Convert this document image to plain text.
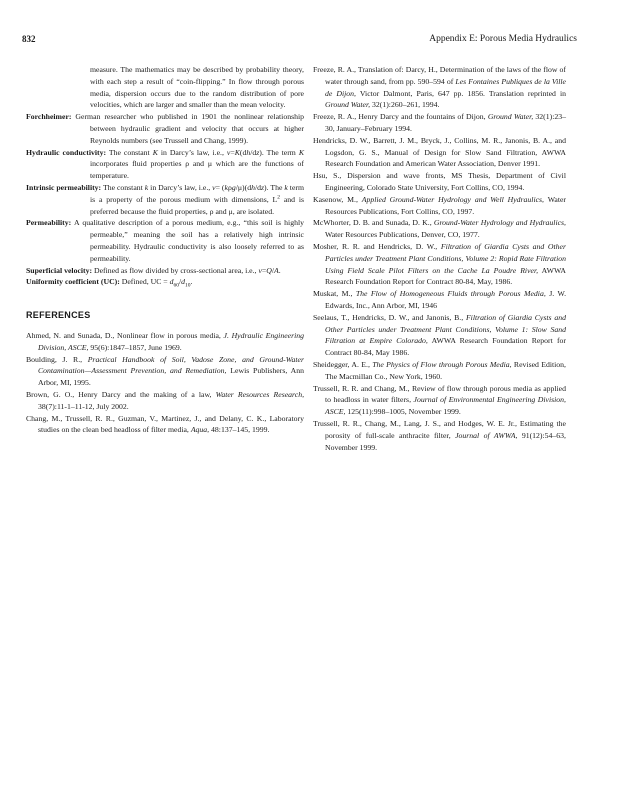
832	Appendix E: Porous Media Hydraulics

measure. The mathematics may be described by probability theory, with each step a result of “coin-flipping.” In flow through porous media, dispersion occurs due to the random distribution of pore velocities, which are larger and smaller than the mean velocity.

Forchheimer: German researcher who published in 1901 the nonlinear relationship between hydraulic gradient and velocity that occurs at higher Reynolds numbers (see Trussell and Chang, 1999).

Hydraulic conductivity: The constant K in Darcy’s law, i.e., v=K(dh/dz). The term K incorporates fluid properties ρ and μ which are the functions of temperature.

Intrinsic permeability: The constant k in Darcy’s law, i.e., v= (kρg/μ)(dh/dz). The k term is a property of the porous medium with dimensions, $L^2$ and is preferred because the fluid properties, ρ and μ, are isolated.

Permeability: A qualitative description of a porous medium, e.g., “this soil is highly permeable,” meaning the soil has a relatively high intrinsic permeability. Hydraulic conductivity is also loosely referred to as permeability.

Superficial velocity: Defined as flow divided by cross-sectional area, i.e., v=Q/A.

Uniformity coefficient (UC): Defined, UC = $d_{60}/d_{10}$.

REFERENCES

Ahmed, N. and Sunada, D., Nonlinear flow in porous media, J. Hydraulic Engineering Division, ASCE, 95(6):1847–1857, June 1969.

Boulding, J. R., Practical Handbook of Soil, Vadose Zone, and Ground-Water Contamination—Assessment Prevention, and Remediation, Lewis Publishers, Ann Arbor, MI, 1995.

Brown, G. O., Henry Darcy and the making of a law, Water Resources Research, 38(7):11-1–11-12, July 2002.

Chang, M., Trussell, R. R., Guzman, V., Martinez, J., and Delany, C. K., Laboratory studies on the clean bed headloss of filter media, Aqua, 48:137–145, 1999.

Freeze, R. A., Translation of: Darcy, H., Determination of the laws of the flow of water through sand, from pp. 590–594 of Les Fontaines Publiques de la Ville de Dijon, Victor Dalmont, Paris, 647 pp. 1856. Translation reprinted in Ground Water, 32(1):260–261, 1994.

Freeze, R. A., Henry Darcy and the fountains of Dijon, Ground Water, 32(1):23–30, January–February 1994.

Hendricks, D. W., Barrett, J. M., Bryck, J., Collins, M. R., Janonis, B. A., and Logsdon, G. S., Manual of Design for Slow Sand Filtration, AWWA Research Foundation and American Water Association, Denver 1991.

Hsu, S., Dispersion and wave fronts, MS Thesis, Department of Civil Engineering, Colorado State University, Fort Collins, CO, 1994.

Kasenow, M., Applied Ground-Water Hydrology and Well Hydraulics, Water Resources Publications, Fort Collins, CO, 1997.

McWhorter, D. B. and Sunada, D. K., Ground-Water Hydrology and Hydraulics, Water Resources Publications, Denver, CO, 1977.

Mosher, R. R. and Hendricks, D. W., Filtration of Giardia Cysts and Other Particles under Treatment Plant Conditions, Volume 2: Ropid Rate Filtration Using Field Scale Pilot Filters on the Cache La Poudre River, AWWA Research Foundation Report for Contract 80-84, May, 1986.

Muskat, M., The Flow of Homogeneous Fluids through Porous Media, J. W. Edwards, Inc., Ann Arbor, MI, 1946

Seelaus, T., Hendricks, D. W., and Janonis, B., Filtration of Giardia Cysts and Other Particles under Treatment Plant Conditions, Volume 1: Slow Sand Filtration at Empire Colorado, AWWA Research Foundation Report for Contract 80-84, May 1986.

Sheidegger, A. E., The Physics of Flow through Porous Media, Revised Edition, The Macmillan Co., New York, 1960.

Trussell, R. R. and Chang, M., Review of flow through porous media as applied to headloss in water filters, Journal of Environmental Engineering Division, ASCE, 125(11):998–1005, November 1999.

Trussell, R. R., Chang, M., Lang, J. S., and Hodges, W. E. Jr., Estimating the porosity of full-scale anthracite filter, Journal of AWWA, 91(12):54–63, November 1999.
